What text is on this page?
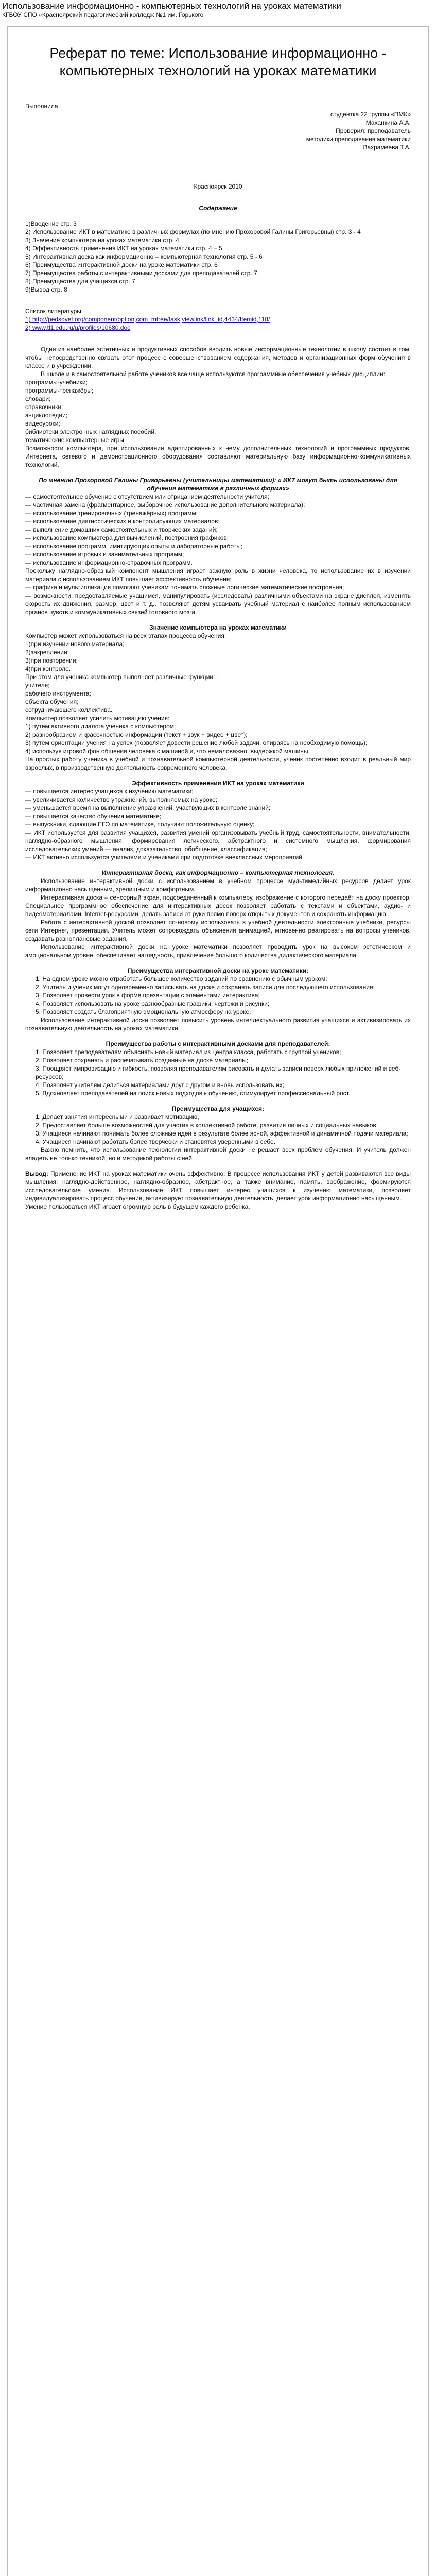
Использование информационно - компьютерных технологий на уроках математики
КГБОУ СПО «Красноярский педагогический колледж №1 им. Горького
Реферат по теме: Использование информационно - компьютерных технологий на уроках математики

Выполнила

студентка 22 группы «ПМК»

Маханкина А.А.

Проверил: преподаватель

методики преподавания математики

Вахрамеева Т.А.

Красноярск 2010

Содержание

1)Введение стр. 3

2) Использование ИКТ в математике в различных формулах (по мнению Прохоровой Галины Григорьевны) стр. 3 - 4

3) Значение компьютера на уроках математики стр. 4

4) Эффективность применения ИКТ на уроках математики стр. 4 – 5

5) Интерактивная доска как информационно – компьютерная технология стр. 5 - 6

6) Преимущества интерактивной доски на уроке математики стр. 6

7) Преимущества работы с интерактивными досками для преподавателей стр. 7

8) Преимущества для учащихся стр. 7

9)Вывод стр. 8

Список литературы:

1) http://pedsovet.org/component/option,com_mtree/task,viewlink/link_id,4434/Itemid,118/

2) www.tl1.edu.ru/u/profiles/10680.doc

Одни из наиболее эстетичных и продуктивных способов вводить новые информационные технологии в школу состоит в том, чтобы непосредственно связать этот процесс с совершенствованием содержания, методов и организационных форм обучения в классе и в учреждении.

В школе и в самостоятельной работе учеников всё чаще используются программные обеспечения учебных дисциплин:

программы-учебники;

программы-тренажёры;

словари;

справочники;

энциклопедии;

видеоуроки;

библиотеки электронных наглядных пособий;

тематические компьютерные игры.

Возможности компьютера, при использовании адаптированных к нему дополнительных технологий и программных продуктов, Интернета, сетевого и демонстрационного оборудования составляют материальную базу информационно-коммуникативных технологий.

По мнению Прохоровой Галины Григорьевны (учительницы математики): « ИКТ могут быть использованы для обучения математике в различных формах»

— самостоятельное обучение с отсутствием или отрицанием деятельности учителя;

— частичная замена (фрагментарное, выборочное использование дополнительного материала);

— использование тренировочных (тренажёрных) программ;

— использование диагностических и контролирующих материалов;

— выполнение домашних самостоятельных и творческих заданий;

— использование компьютера для вычислений, построения графиков;

— использование программ, имитирующих опыты и лабораторные работы;

— использование игровых и занимательных программ;

— использование информационно-справочных программ.

Поскольку наглядно-образный компонент мышления играет важную роль в жизни человека, то использование их в изучении материала с использованием ИКТ повышает эффективность обучения:

— графика и мультипликация помогают ученикам понимать сложные логические математические построения;

— возможности, предоставляемые учащимся, манипулировать (исследовать) различными объектами на экране дисплея, изменять скорость их движения, размер, цвет и т. д., позволяют детям усваивать учебный материал с наиболее полным использованием органов чувств и коммуникативных связей головного мозга.

Значение компьютера на уроках математики

Компьютер может использоваться на всех этапах процесса обучения:

1)при изучении нового материала;

2)закреплении;

3)при повторении;

4)при контроле.

При этом для ученика компьютер выполняет различные функции:

учителя;

рабочего инструмента;

объекта обучения;

сотрудничающего коллектива.

Компьютер позволяет усилить мотивацию учения:

1) путем активного диалога ученика с компьютером;

2) разнообразием и красочностью информации (текст + звук + видео + цвет);

3) путем ориентации учения на успех (позволяет довести решение любой задачи, опираясь на необходимую помощь);

4) используя игровой фон общения человека с машиной и, что немаловажно, выдержкой машины.

На простых работу ученика в учебной и познавательной компьютерной деятельности, ученик постепенно входит в реальный мир взрослых, в производственную деятельность современного человека.

Эффективность применения ИКТ на уроках математики

— повышается интерес учащихся к изучению математики;

— увеличивается количество упражнений, выполняемых на уроке;

— уменьшается время на выполнение упражнений, участвующих в контроле знаний;

— повышается качество обучения математике;

— выпускники, сдающие ЕГЭ по математике, получают положительную оценку;

— ИКТ используется для развития учащихся, развития умений организовывать учебный труд, самостоятельности, внимательности, наглядно-образного мышления, формирования логического, абстрактного и системного мышления, формирования исследовательских умений — анализ, доказательство, обобщение, классификация;

— ИКТ активно используется учителями и учениками при подготовке внеклассных мероприятий.

Интерактивная доска, как информационно – компьютерная технология.

Использование интерактивной доски с использованием в учебном процессе мультимедийных ресурсов делает урок информационно насыщенным, зрелищным и комфортным.

Интерактивная доска – сенсорный экран, подсоединённый к компьютеру, изображение с которого передаёт на доску проектор. Специальное программное обеспечение для интерактивных досок позволяет работать с текстами и объектами, аудио- и видеоматериалами, Internet-ресурсами, делать записи от руки прямо поверх открытых документов и сохранять информацию.

Работа с интерактивной доской позволяет по-новому использовать в учебной деятельности электронные учебники, ресурсы сети Интернет, презентации. Учитель может сопровождать объяснения анимацией, мгновенно реагировать на вопросы учеников, создавать разноплановые задания.

Использование интерактивной доски на уроке математики позволяет проводить урок на высоком эстетическом и эмоциональном уровне, обеспечивает наглядность, привлечение большого количества дидактического материала.

Преимущества интерактивной доски на уроке математики:

1. На одном уроке можно отработать большее количество заданий по сравнению с обычным уроком;

2. Учитель и ученик могут одновременно записывать на доске и сохранять записи для последующего использования;

3. Позволяет провести урок в форме презентации с элементами интерактива;

4. Позволяет использовать на уроке разнообразные графики, чертежи и рисунки;

5. Позволяет создать благоприятную эмоциональную атмосферу на уроке.

Использование интерактивной доски позволяет повысить уровень интеллектуального развития учащихся и активизировать их познавательную деятельность на уроках математики.

Преимущества работы с интерактивными досками для преподавателей:

1. Позволяет преподавателям объяснять новый материал из центра класса, работать с группой учеников;

2. Позволяет сохранять и распечатывать созданные на доске материалы;

3. Поощряет импровизацию и гибкость, позволяя преподавателям рисовать и делать записи поверх любых приложений и веб-ресурсов;

4. Позволяет учителям делиться материалами друг с другом и вновь использовать их;

5. Вдохновляет преподавателей на поиск новых подходов к обучению, стимулирует профессиональный рост.

Преимущества для учащихся:

1. Делает занятия интересными и развивает мотивацию;

2. Предоставляет больше возможностей для участия в коллективной работе, развития личных и социальных навыков;

3. Учащиеся начинают понимать более сложные идеи в результате более ясной, эффективной и динамичной подачи материала;

4. Учащиеся начинают работать более творчески и становятся уверенными в себе.

Важно помнить, что использование технологии интерактивной доски не решает всех проблем обучения. И учитель должен владеть не только техникой, но и методикой работы с ней.

Вывод: Применение ИКТ на уроках математики очень эффективно. В процессе использования ИКТ у детей развиваются все виды мышления: наглядно-действенное, наглядно-образное, абстрактное, а также внимание, память, воображение, формируются исследовательские умения. Использование ИКТ повышает интерес учащихся к изучению математики, позволяет индивидуализировать процесс обучения, активизирует познавательную деятельность, делает урок информационно насыщенным.

Умение пользоваться ИКТ играет огромную роль в будущем каждого ребенка.
